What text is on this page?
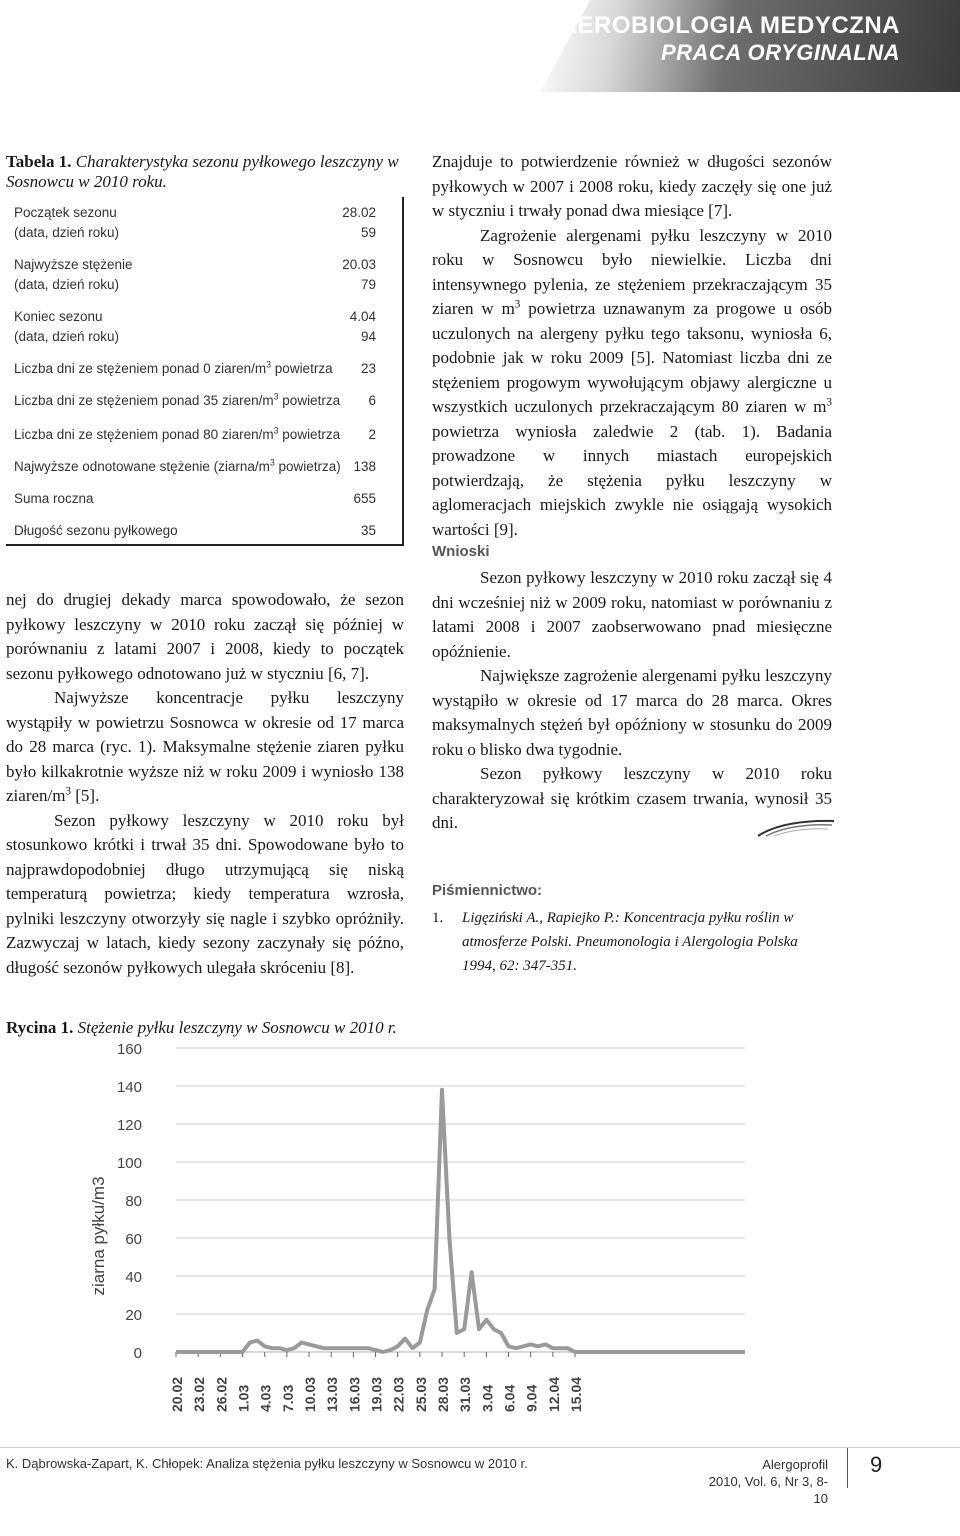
AEROBIOLOGIA MEDYCZNA
PRACA ORYGINALNA
Tabela 1. Charakterystyka sezonu pyłkowego leszczyny w Sosnowcu w 2010 roku.
Początek sezonu	28.02
(data, dzień roku)	59
Najwyższe stężenie	20.03
(data, dzień roku)	79
Koniec sezonu	4.04
(data, dzień roku)	94
Liczba dni ze stężeniem ponad 0 ziaren/$m^3$ powietrza 23
Liczba dni ze stężeniem ponad 35 ziaren/$m^3$ powietrza 6
Liczba dni ze stężeniem ponad 80 ziaren/$m^3$ powietrza 2
Najwyższe odnotowane stężenie ($ziarna/m^3$ powietrza) 138
Suma roczna	655
Długość sezonu pyłkowego	35

nej do drugiej dekady marca spowodowało, że sezon pyłkowy leszczyny w 2010 roku zaczął się później w porównaniu z latami 2007 i 2008, kiedy to początek sezonu pyłkowego odnotowano już w styczniu [6, 7].

Najwyższe koncentracje pyłku leszczyny wystąpiły w powietrzu Sosnowca w okresie od 17 marca do 28 marca (ryc. 1). Maksymalne stężenie ziaren pyłku było kilkakrotnie wyższe niż w roku 2009 i wyniosło 138 ziaren/$m^3$ [5].

Sezon pyłkowy leszczyny w 2010 roku był stosunkowo krótki i trwał 35 dni. Spowodowane było to najprawdopodobniej długo utrzymującą się niską temperaturą powietrza; kiedy temperatura wzrosła, pylniki leszczyny otworzyły się nagle i szybko opróżniły. Zazwyczaj w latach, kiedy sezony zaczynały się późno, długość sezonów pyłkowych ulegała skróceniu [8].

Znajduje to potwierdzenie również w długości sezonów pyłkowych w 2007 i 2008 roku, kiedy zaczęły się one już w styczniu i trwały ponad dwa miesiące [7].

Zagrożenie alergenami pyłku leszczyny w 2010 roku w Sosnowcu było niewielkie. Liczba dni intensywnego pylenia, ze stężeniem przekraczającym 35 ziaren w $m^3$ powietrza uznawanym za progowe u osób uczulonych na alergeny pyłku tego taksonu, wyniosła 6, podobnie jak w roku 2009 [5]. Natomiast liczba dni ze stężeniem progowym wywołującym objawy alergiczne u wszystkich uczulonych przekraczającym 80 ziaren w $m^3$ powietrza wyniosła zaledwie 2 (tab. 1). Badania prowadzone w innych miastach europejskich potwierdzają, że stężenia pyłku leszczyny w aglomeracjach miejskich zwykle nie osiągają wysokich wartości [9].

Wnioski

Sezon pyłkowy leszczyny w 2010 roku zaczął się 4 dni wcześniej niż w 2009 roku, natomiast w porównaniu z latami 2008 i 2007 zaobserwowano pnad miesięczne opóźnienie.

Największe zagrożenie alergenami pyłku leszczyny wystąpiło w okresie od 17 marca do 28 marca. Okres maksymalnych stężeń był opóźniony w stosunku do 2009 roku o blisko dwa tygodnie.

Sezon pyłkowy leszczyny w 2010 roku charakteryzował się krótkim czasem trwania, wynosił 35 dni.

Piśmiennictwo:
1. Ligęziński A., Rapiejko P.: Koncentracja pyłku roślin w atmosferze Polski. Pneumonologia i Alergologia Polska 1994, 62: 347-351.
Rycina 1. Stężenie pyłku leszczyny w Sosnowcu w 2010 r.
0
20
40
60
80
100
120
140
160
20.02 23.02 26.02 1.03 4.03 7.03 10.03 13.03 16.03 19.03 22.03 25.03 28.03 31.03 3.04 6.04 9.04 12.04 15.04
ziarna pyłku/m3
K. Dąbrowska-Zapart, K. Chłopek: Analiza stężenia pyłku leszczyny w Sosnowcu w 2010 r.	Alergoprofil
2010, Vol. 6, Nr 3, 8-10
9
